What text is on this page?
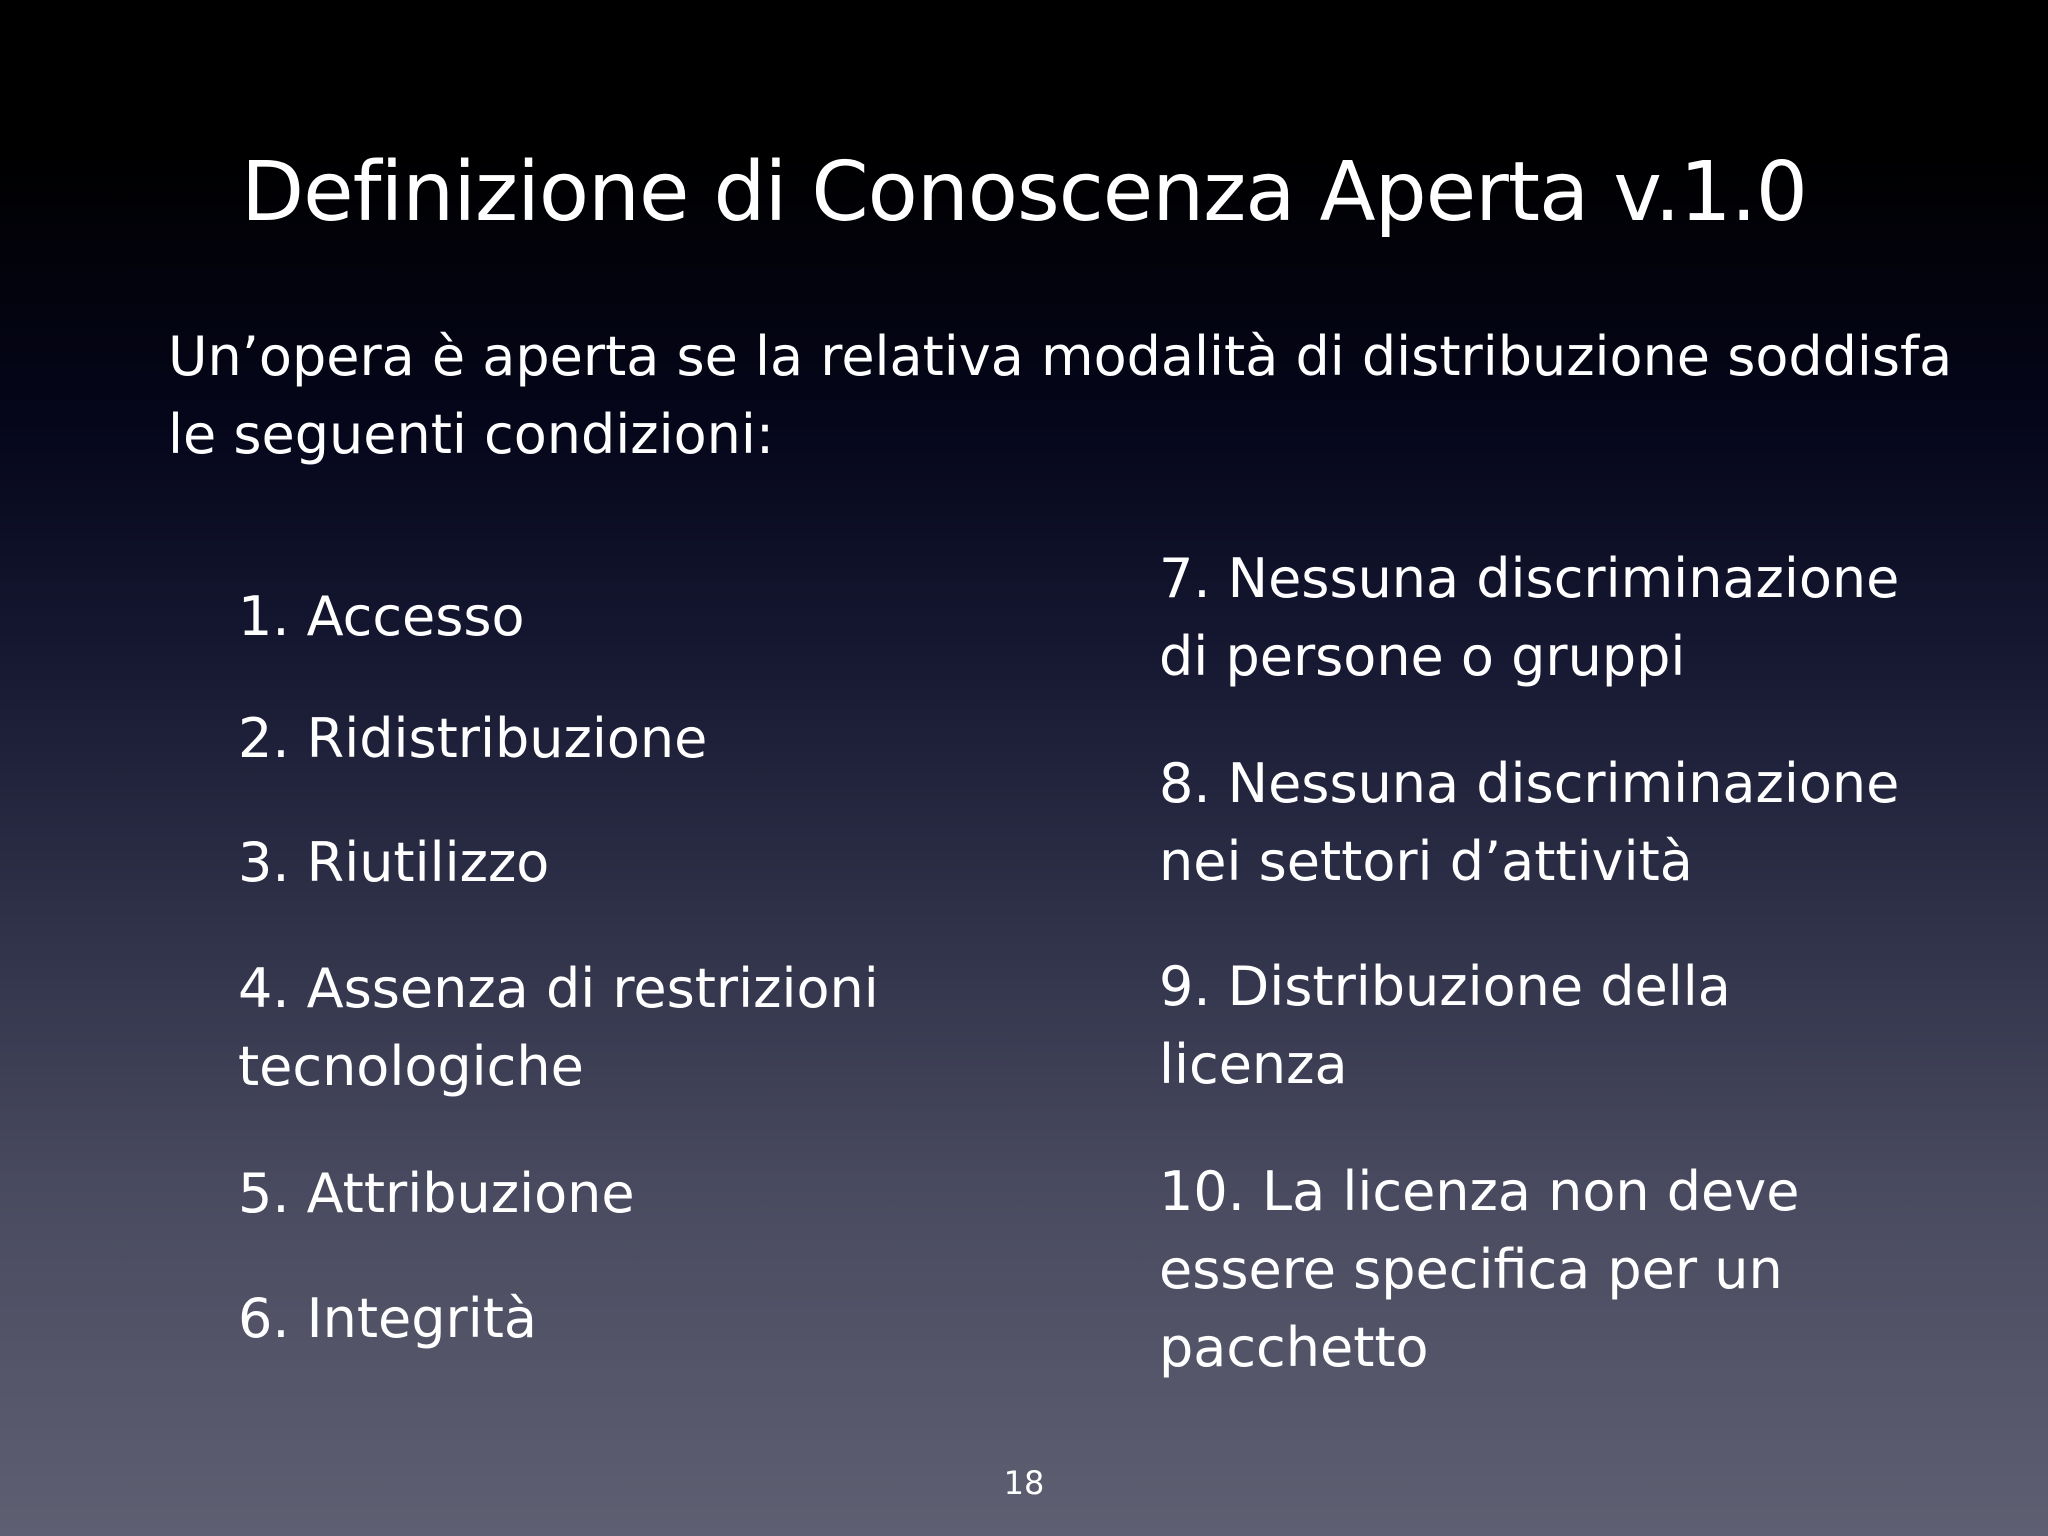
Definizione di Conoscenza Aperta v.1.0
Un’opera è aperta se la relativa modalità di distribuzione soddisfa
le seguenti condizioni:
1. Accesso
2. Ridistribuzione
3. Riutilizzo
4. Assenza di restrizioni
tecnologiche
5. Attribuzione
6. Integrità
7. Nessuna discriminazione
di persone o gruppi
8. Nessuna discriminazione
nei settori d’attività
9. Distribuzione della
licenza
10. La licenza non deve
essere specifica per un
pacchetto
18
